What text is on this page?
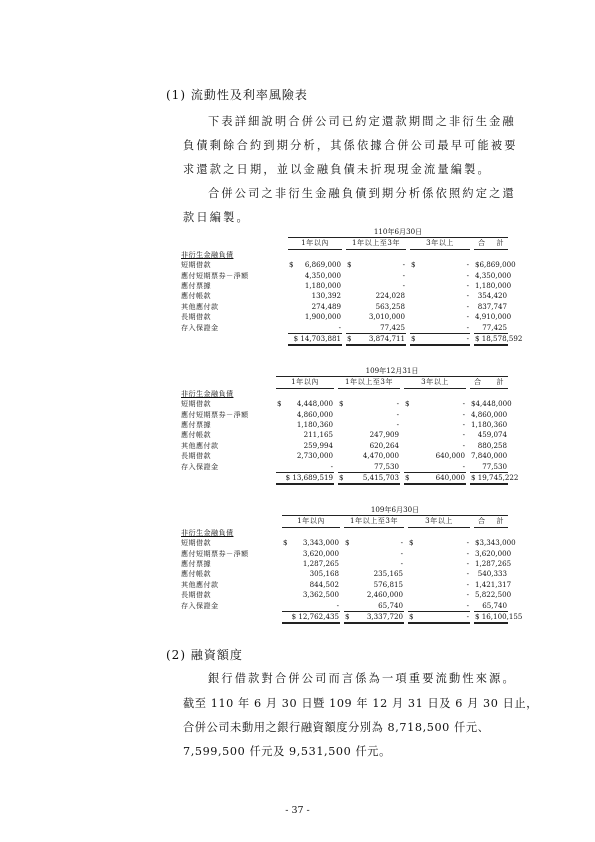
(1) 流動性及利率風險表
下表詳細說明合併公司已約定還款期間之非衍生金融
負債剩餘合約到期分析，其係依據合併公司最早可能被要
求還款之日期，並以金融負債未折現現金流量編製。
合併公司之非衍生金融負債到期分析係依照約定之還
款日編製。
	110年6月30日						
	1年以內		1年以上至3年		3年以上		合 計

非衍生金融負債							
短期借款	$ 6,869,000		$ -		$ -		$ 6,869,000
應付短期票券－淨額	4,350,000		-		-		4,350,000
應付票據	1,180,000		-		-		1,180,000
應付帳款	130,392		224,028		-		354,420
其他應付款	274,489		563,258		-		837,747
長期借款	1,900,000		3,010,000		-		4,910,000
存入保證金	-		77,425		-		77,425
	$ 14,703,881		$ 3,874,711		$ -		$ 18,578,592
	109年12月31日						
	1年以內		1年以上至3年		3年以上		合 計

非衍生金融負債							
短期借款	$ 4,448,000		$ -		$ -		$ 4,448,000
應付短期票券－淨額	4,860,000		-		-		4,860,000
應付票據	1,180,360		-		-		1,180,360
應付帳款	211,165		247,909		-		459,074
其他應付款	259,994		620,264		-		880,258
長期借款	2,730,000		4,470,000		640,000		7,840,000
存入保證金	-		77,530		-		77,530
	$ 13,689,519		$ 5,415,703		$ 640,000		$ 19,745,222
	109年6月30日						
	1年以內		1年以上至3年		3年以上		合 計

非衍生金融負債							
短期借款	$ 3,343,000		$ -		$ -		$ 3,343,000
應付短期票券－淨額	3,620,000		-		-		3,620,000
應付票據	1,287,265		-		-		1,287,265
應付帳款	305,168		235,165		-		540,333
其他應付款	844,502		576,815		-		1,421,317
長期借款	3,362,500		2,460,000		-		5,822,500
存入保證金	-		65,740		-		65,740
	$ 12,762,435		$ 3,337,720		$ -		$ 16,100,155
(2) 融資額度
銀行借款對合併公司而言係為一項重要流動性來源。
截至 110 年 6 月 30 日暨 109 年 12 月 31 日及 6 月 30 日止，
合併公司未動用之銀行融資額度分別為 8,718,500 仟元、
7,599,500 仟元及 9,531,500 仟元。
- 37 -
